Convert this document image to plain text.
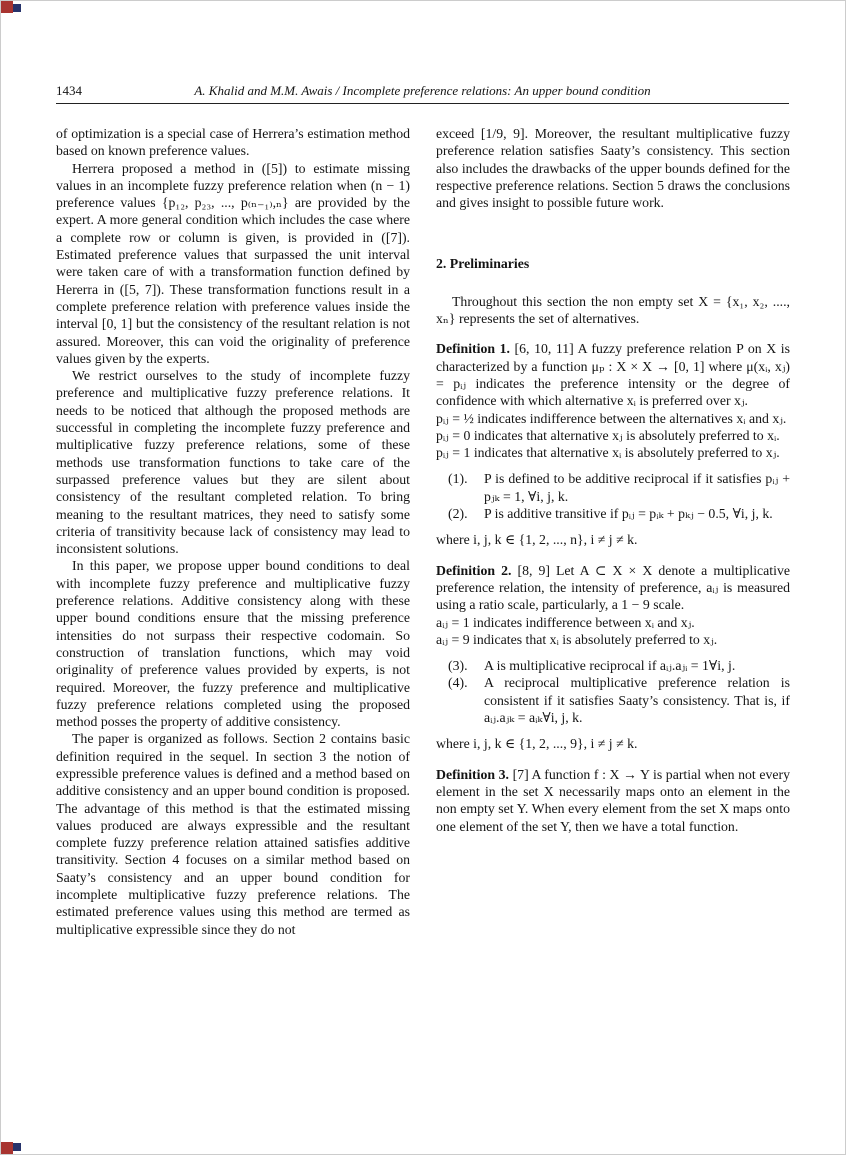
1434	A. Khalid and M.M. Awais / Incomplete preference relations: An upper bound condition

of optimization is a special case of Herrera’s estimation method based on known preference values.

Herrera proposed a method in ([5]) to estimate missing values in an incomplete fuzzy preference relation when (n − 1) preference values {p₁₂, p₂₃, ..., p₍ₙ₋₁₎,ₙ} are provided by the expert. A more general condition which includes the case where a complete row or column is given, is provided in ([7]). Estimated preference values that surpassed the unit interval were taken care of with a transformation function defined by Hererra in ([5, 7]). These transformation functions result in a complete preference relation with preference values inside the interval [0, 1] but the consistency of the resultant relation is not assured. Moreover, this can void the originality of preference values given by the experts.

We restrict ourselves to the study of incomplete fuzzy preference and multiplicative fuzzy preference relations. It needs to be noticed that although the proposed methods are successful in completing the incomplete fuzzy preference and multiplicative fuzzy preference relations, some of these methods use transformation functions to take care of the surpassed preference values but they are silent about consistency of the resultant completed relation. To bring meaning to the resultant matrices, they need to satisfy some criteria of transitivity because lack of consistency may lead to inconsistent solutions.

In this paper, we propose upper bound conditions to deal with incomplete fuzzy preference and multiplicative fuzzy preference relations. Additive consistency along with these upper bound conditions ensure that the missing preference intensities do not surpass their respective codomain. So construction of translation functions, which may void originality of preference values provided by experts, is not required. Moreover, the fuzzy preference and multiplicative fuzzy preference relations completed using the proposed method posses the property of additive consistency.

The paper is organized as follows. Section 2 contains basic definition required in the sequel. In section 3 the notion of expressible preference values is defined and a method based on additive consistency and an upper bound condition is proposed. The advantage of this method is that the estimated missing values produced are always expressible and the resultant complete fuzzy preference relation attained satisfies additive transitivity. Section 4 focuses on a similar method based on Saaty’s consistency and an upper bound condition for incomplete multiplicative fuzzy preference relations. The estimated preference values using this method are termed as multiplicative expressible since they do not

exceed [1/9, 9]. Moreover, the resultant multiplicative fuzzy preference relation satisfies Saaty’s consistency. This section also includes the drawbacks of the upper bounds defined for the respective preference relations. Section 5 draws the conclusions and gives insight to possible future work.

2. Preliminaries

Throughout this section the non empty set X = {x₁, x₂, ...., xₙ} represents the set of alternatives.

Definition 1. [6, 10, 11] A fuzzy preference relation P on X is characterized by a function μₚ : X × X → [0, 1] where μ(xᵢ, xⱼ) = pᵢⱼ indicates the preference intensity or the degree of confidence with which alternative xᵢ is preferred over xⱼ.

pᵢⱼ = ½ indicates indifference between the alternatives xᵢ and xⱼ.

pᵢⱼ = 0 indicates that alternative xⱼ is absolutely preferred to xᵢ.

pᵢⱼ = 1 indicates that alternative xᵢ is absolutely preferred to xⱼ.

(1).	P is defined to be additive reciprocal if it satisfies pᵢⱼ + pⱼₖ = 1, ∀i, j, k.
(2).	P is additive transitive if pᵢⱼ = pᵢₖ + pₖⱼ − 0.5, ∀i, j, k.

where i, j, k ∈ {1, 2, ..., n}, i ≠ j ≠ k.

Definition 2. [8, 9] Let A ⊂ X × X denote a multiplicative preference relation, the intensity of preference, aᵢⱼ is measured using a ratio scale, particularly, a 1 − 9 scale.

aᵢⱼ = 1 indicates indifference between xᵢ and xⱼ.

aᵢⱼ = 9 indicates that xᵢ is absolutely preferred to xⱼ.

(3).	A is multiplicative reciprocal if aᵢⱼ.aⱼᵢ = 1∀i, j.
(4).	A reciprocal multiplicative preference relation is consistent if it satisfies Saaty’s consistency. That is, if aᵢⱼ.aⱼₖ = aᵢₖ∀i, j, k.

where i, j, k ∈ {1, 2, ..., 9}, i ≠ j ≠ k.

Definition 3. [7] A function f : X → Y is partial when not every element in the set X necessarily maps onto an element in the non empty set Y. When every element from the set X maps onto one element of the set Y, then we have a total function.
